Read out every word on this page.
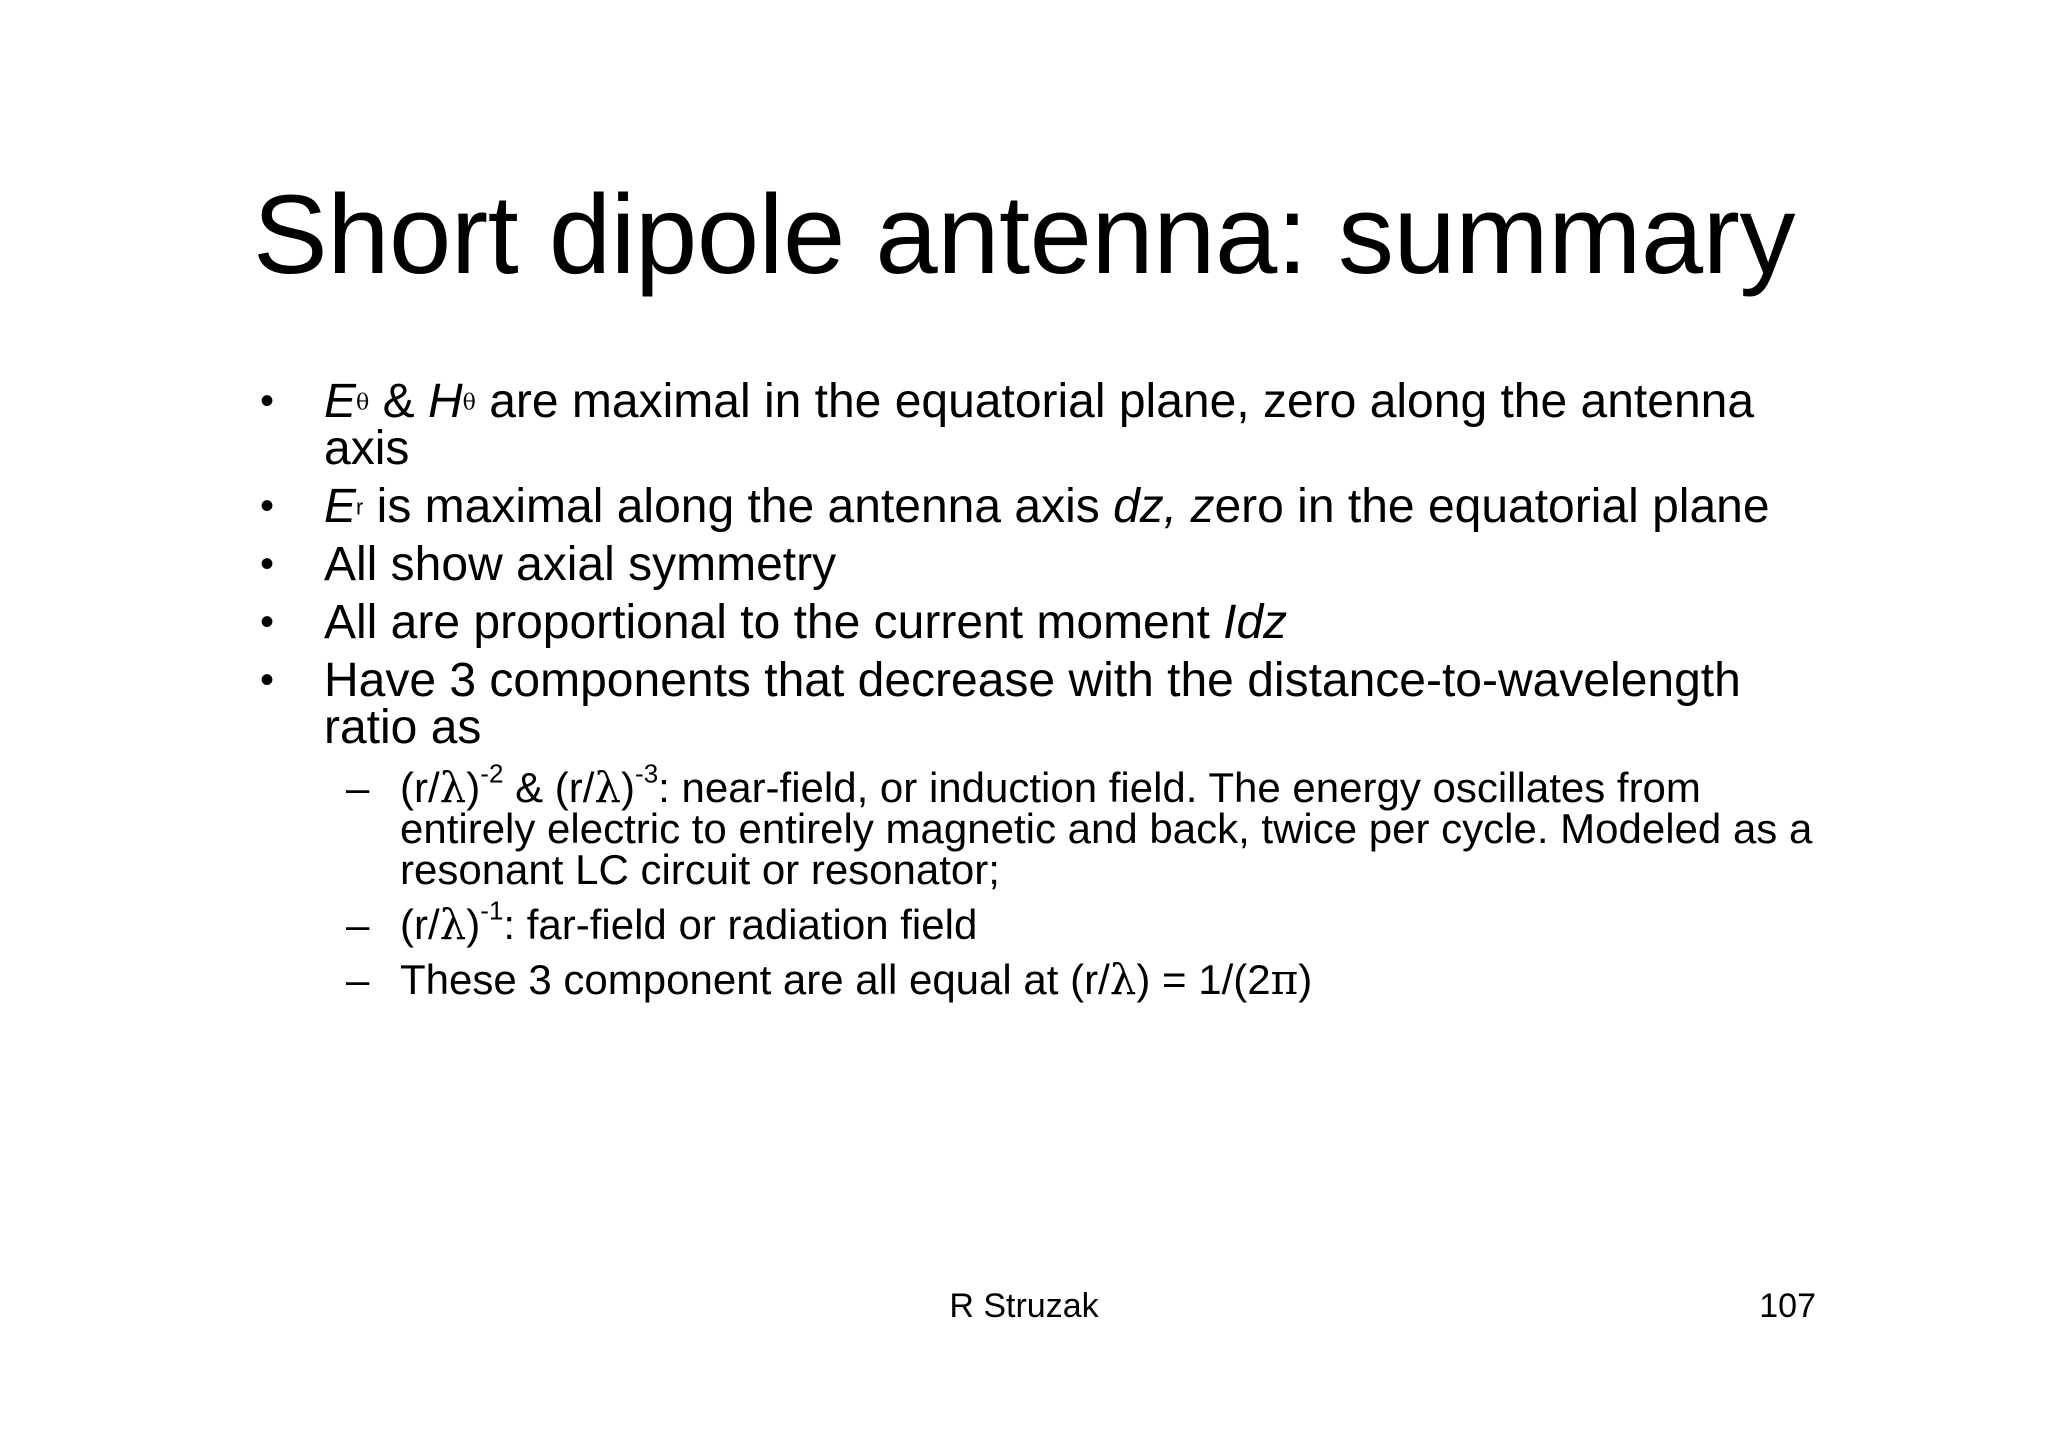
Short dipole antenna: summary
• Eθ & Hθ are maximal in the equatorial plane, zero along the antenna axis
• Er is maximal along the antenna axis dz, zero in the equatorial plane
• All show axial symmetry
• All are proportional to the current moment Idz
• Have 3 components that decrease with the distance-to-wavelength ratio as
– $(r/\lambda)^{-2}$ & $(r/\lambda)^{-3}$: near-field, or induction field. The energy oscillates from entirely electric to entirely magnetic and back, twice per cycle. Modeled as a resonant LC circuit or resonator;
– $(r/\lambda)^{-1}$: far-field or radiation field
– These 3 component are all equal at (r/λ) = 1/(2π)
R Struzak	107
